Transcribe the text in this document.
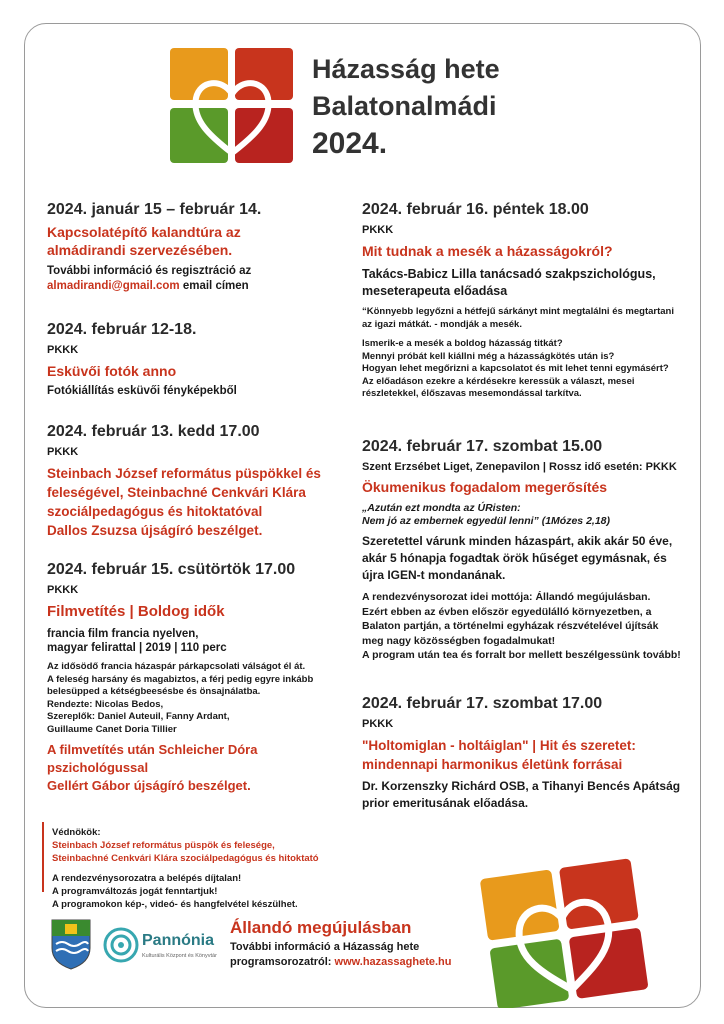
Házasság hete
Balatonalmádi
2024.
2024. január 15 – február 14.
Kapcsolatépítő kalandtúra az
almádirandi szervezésében.
További információ és regisztráció az
almadirandi@gmail.com email címen
2024. február 12-18.
PKKK
Esküvői fotók anno
Fotókiállítás esküvői fényképekből
2024. február 13. kedd 17.00
PKKK
Steinbach József református püspökkel és
feleségével, Steinbachné Cenkvári Klára
szociálpedagógus és hitoktatóval
Dallos Zsuzsa újságíró beszélget.
2024. február 15. csütörtök 17.00
PKKK
Filmvetítés | Boldog idők
francia film francia nyelven,
magyar felirattal | 2019 | 110 perc
Az idősödő francia házaspár párkapcsolati válságot él át.
A feleség harsány és magabiztos, a férj pedig egyre inkább
belesüpped a kétségbeesésbe és önsajnálatba.
Rendezte: Nicolas Bedos,
Szereplők: Daniel Auteuil, Fanny Ardant,
Guillaume Canet Doria Tillier
A filmvetítés után Schleicher Dóra pszichológussal
Gellért Gábor újságíró beszélget.
2024. február 16. péntek 18.00
PKKK
Mit tudnak a mesék a házasságokról?
Takács-Babicz Lilla tanácsadó szakpszichológus,
meseterapeuta előadása
“Könnyebb legyőzni a hétfejű sárkányt mint megtalálni és megtartani
az igazi mátkát. - mondják a mesék.
Ismerik-e a mesék a boldog házasság titkát?
Mennyi próbát kell kiállni még a házasságkötés után is?
Hogyan lehet megőrizni a kapcsolatot és mit lehet tenni egymásért?
Az előadáson ezekre a kérdésekre keressük a választ, mesei
részletekkel, élőszavas mesemondással tarkítva.
2024. február 17. szombat 15.00
Szent Erzsébet Liget, Zenepavilon | Rossz idő esetén: PKKK
Ökumenikus fogadalom megerősítés
„Azután ezt mondta az ÚRisten:
Nem jó az embernek egyedül lenni” (1Mózes 2,18)
Szeretettel várunk minden házaspárt, akik akár 50 éve,
akár 5 hónapja fogadtak örök hűséget egymásnak, és
újra IGEN-t mondanának.
A rendezvénysorozat idei mottója: Állandó megújulásban.
Ezért ebben az évben először egyedülálló környezetben, a
Balaton partján, a történelmi egyházak részvételével újítsák
meg nagy közösségben fogadalmukat!
A program után tea és forralt bor mellett beszélgessünk tovább!
2024. február 17. szombat 17.00
PKKK
"Holtomiglan - holtáiglan" | Hit és szeretet:
mindennapi harmonikus életünk forrásai
Dr. Korzenszky Richárd OSB, a Tihanyi Bencés Apátság
prior emeritusának előadása.
Védnökök:
Steinbach József református püspök és felesége,
Steinbachné Cenkvári Klára szociálpedagógus és hitoktató
A rendezvénysorozatra a belépés díjtalan!
A programváltozás jogát fenntartjuk!
A programokon kép-, videó- és hangfelvétel készülhet.
Pannónia
Kulturális Központ és Könyvtár
Állandó megújulásban
További információ a Házasság hete
programsorozatról: www.hazassaghete.hu
